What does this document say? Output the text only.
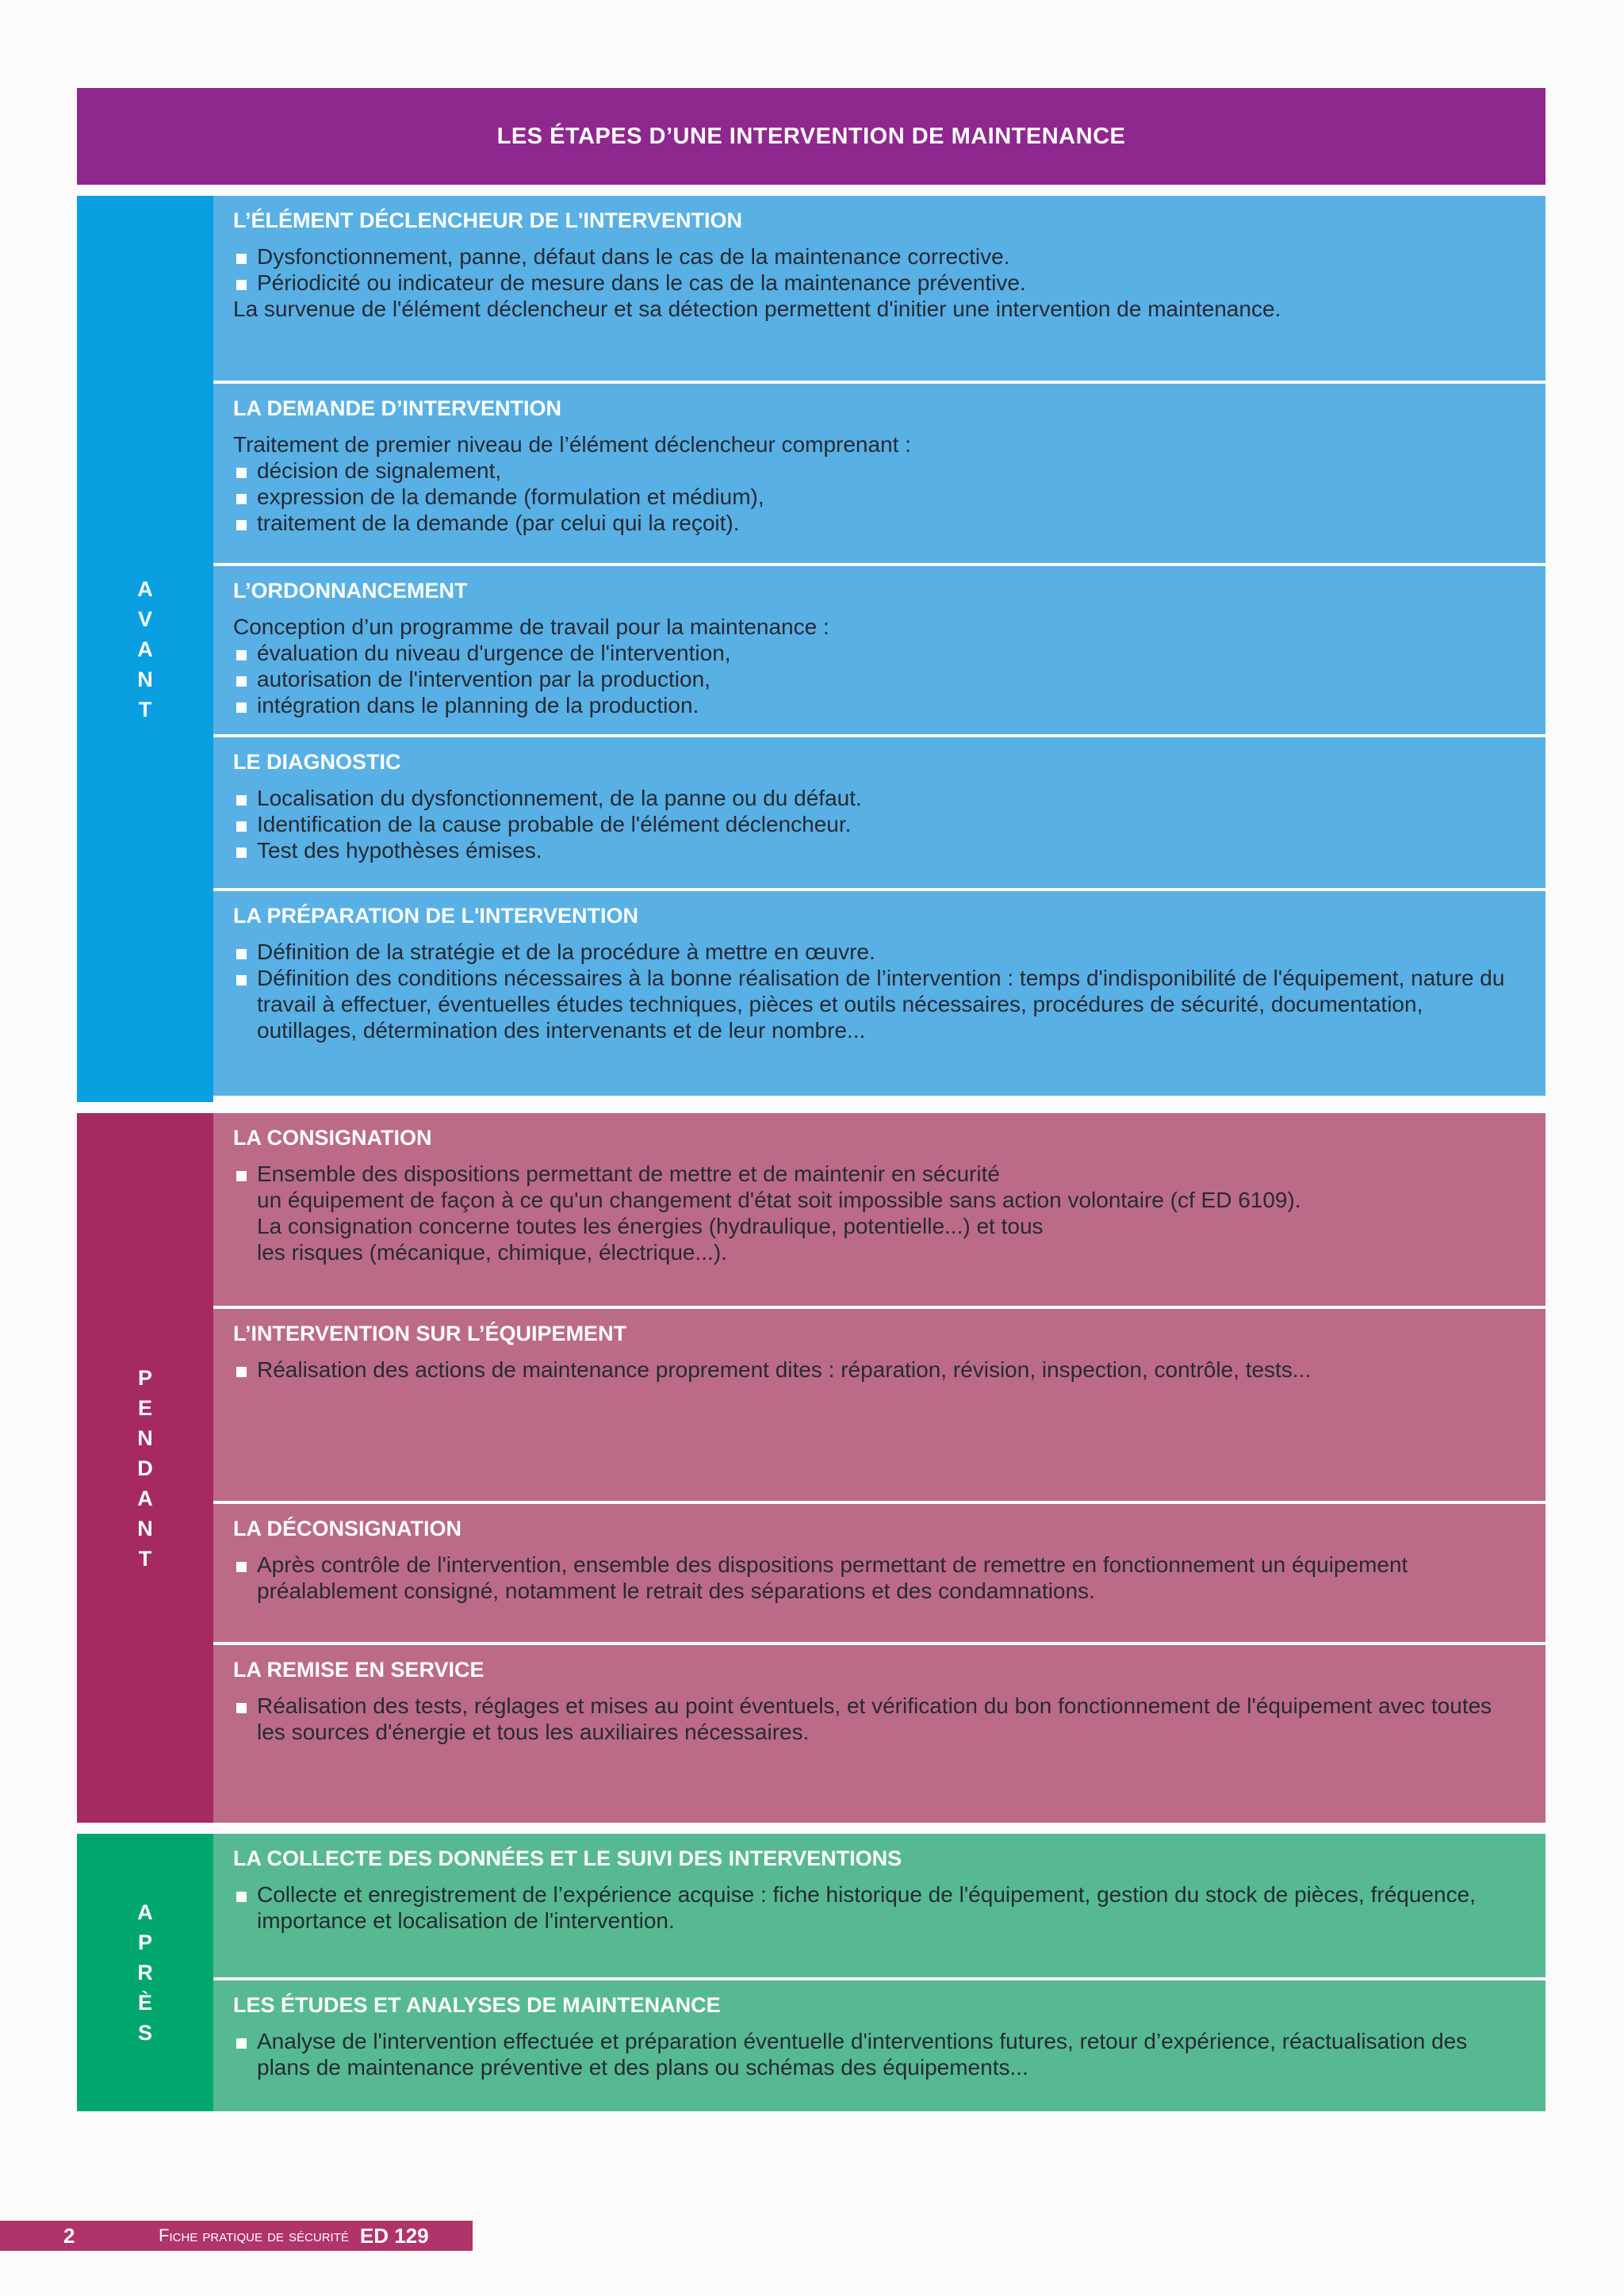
LES ÉTAPES D’UNE INTERVENTION DE MAINTENANCE
A
V
A
N
T
L’ÉLÉMENT DÉCLENCHEUR DE L'INTERVENTION
Dysfonctionnement, panne, défaut dans le cas de la maintenance corrective.
Périodicité ou indicateur de mesure dans le cas de la maintenance préventive.
La survenue de l'élément déclencheur et sa détection permettent d'initier une intervention de maintenance.
LA DEMANDE D’INTERVENTION
Traitement de premier niveau de l’élément déclencheur comprenant :
décision de signalement,
expression de la demande (formulation et médium),
traitement de la demande (par celui qui la reçoit).
L’ORDONNANCEMENT
Conception d’un programme de travail pour la maintenance :
évaluation du niveau d'urgence de l'intervention,
autorisation de l'intervention par la production,
intégration dans le planning de la production.
LE DIAGNOSTIC
Localisation du dysfonctionnement, de la panne ou du défaut.
Identification de la cause probable de l'élément déclencheur.
Test des hypothèses émises.
LA PRÉPARATION DE L'INTERVENTION
Définition de la stratégie et de la procédure à mettre en œuvre.
Définition des conditions nécessaires à la bonne réalisation de l’intervention : temps d'indisponibilité de l'équipement, nature du travail à effectuer, éventuelles études techniques, pièces et outils nécessaires, procédures de sécurité, documentation, outillages, détermination des intervenants et de leur nombre...
P
E
N
D
A
N
T
LA CONSIGNATION
Ensemble des dispositions permettant de mettre et de maintenir en sécurité
un équipement de façon à ce qu'un changement d'état soit impossible sans action volontaire (cf ED 6109).
La consignation concerne toutes les énergies (hydraulique, potentielle...) et tous
les risques (mécanique, chimique, électrique...).
L’INTERVENTION SUR L’ÉQUIPEMENT
Réalisation des actions de maintenance proprement dites : réparation, révision, inspection, contrôle, tests...
LA DÉCONSIGNATION
Après contrôle de l'intervention, ensemble des dispositions permettant de remettre en fonctionnement un équipement préalablement consigné, notamment le retrait des séparations et des condamnations.
LA REMISE EN SERVICE
Réalisation des tests, réglages et mises au point éventuels, et vérification du bon fonctionnement de l'équipement avec toutes les sources d'énergie et tous les auxiliaires nécessaires.
A
P
R
È
S
LA COLLECTE DES DONNÉES ET LE SUIVI DES INTERVENTIONS
Collecte et enregistrement de l’expérience acquise : fiche historique de l'équipement, gestion du stock de pièces, fréquence, importance et localisation de l'intervention.
LES ÉTUDES ET ANALYSES DE MAINTENANCE
Analyse de l'intervention effectuée et préparation éventuelle d'interventions futures, retour d’expérience, réactualisation des plans de maintenance préventive et des plans ou schémas des équipements...
2	Fiche pratique de sécurité ED 129
